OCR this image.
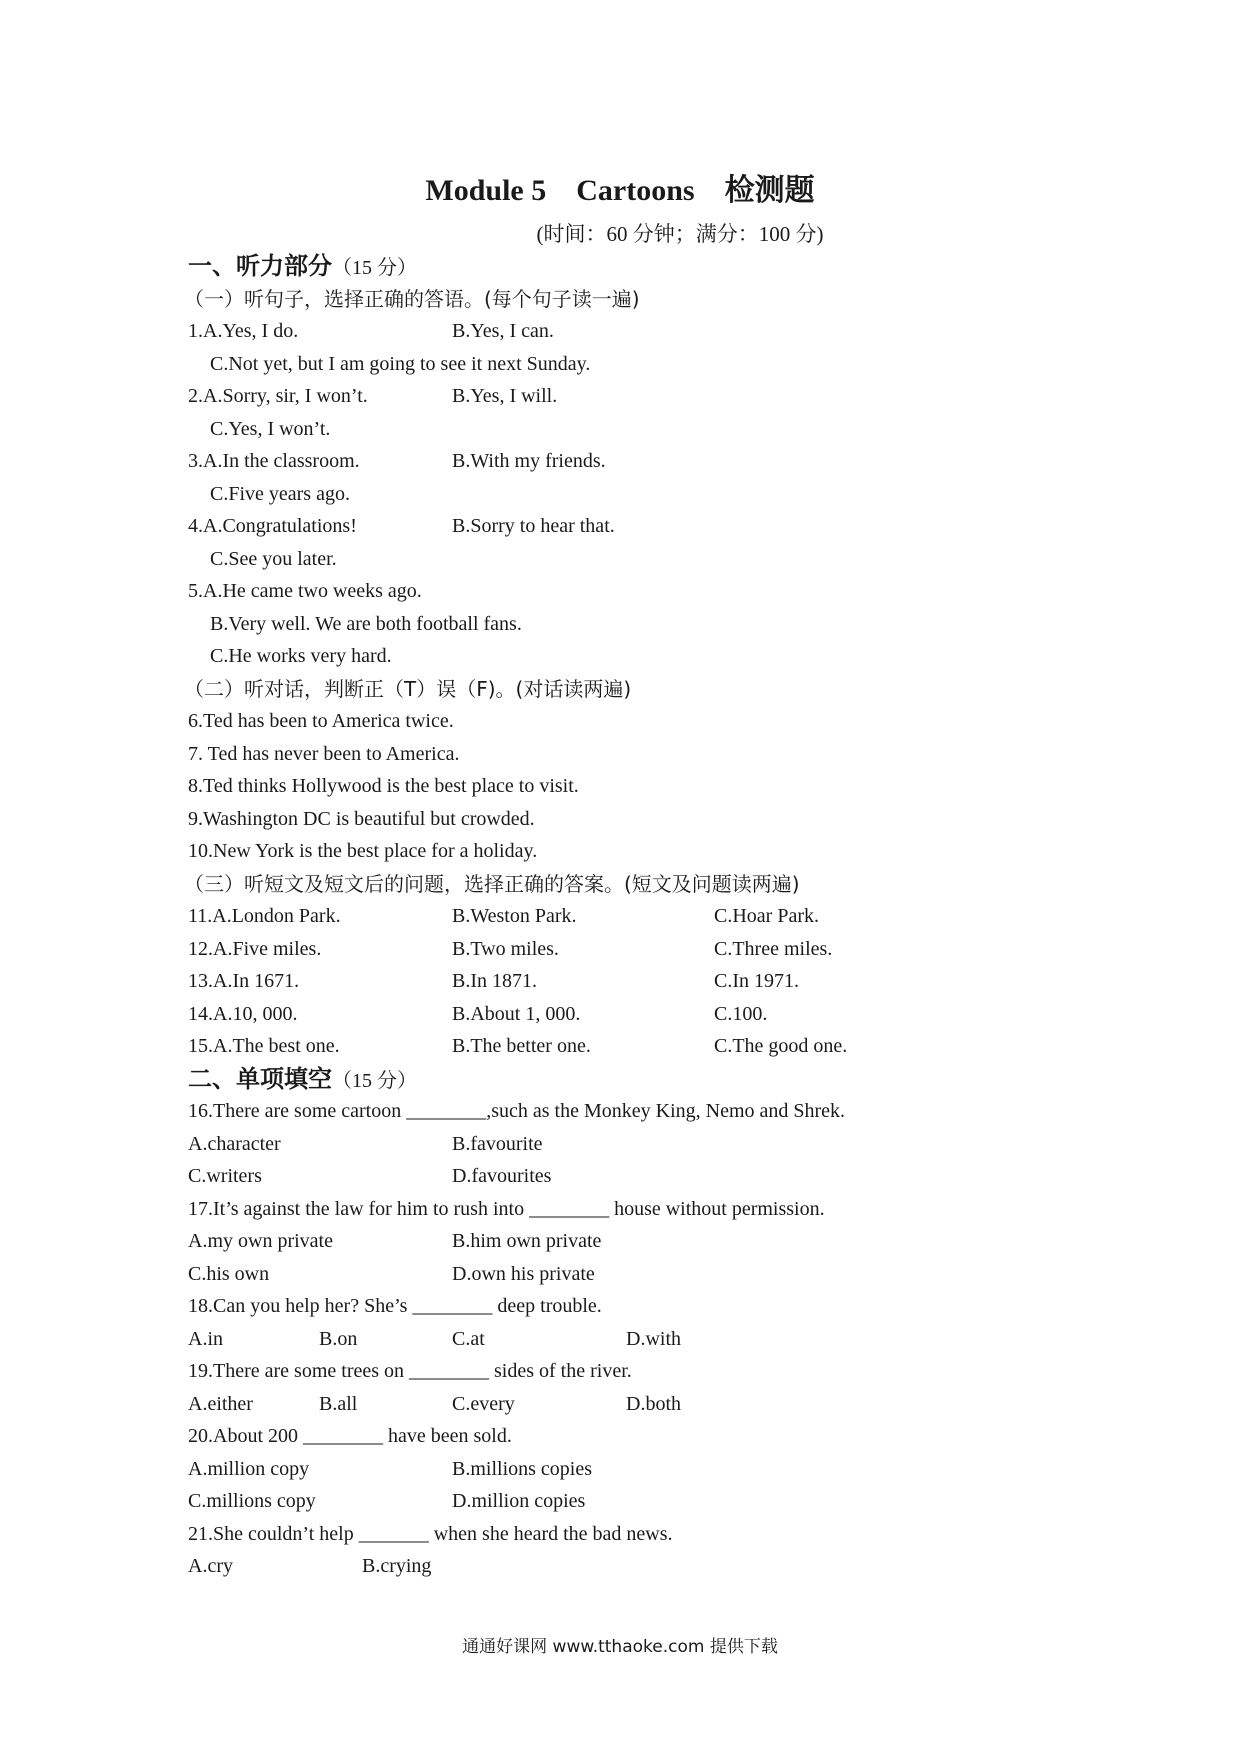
Module 5    Cartoons    检测题
(时间：60 分钟；满分：100 分)
一、听力部分（15 分）
（一）听句子，选择正确的答语。(每个句子读一遍)
1.A.Yes, I do.	B.Yes, I can.
C.Not yet, but I am going to see it next Sunday.
2.A.Sorry, sir, I won’t.	B.Yes, I will.
C.Yes, I won’t.
3.A.In the classroom.	B.With my friends.
C.Five years ago.
4.A.Congratulations!	B.Sorry to hear that.
C.See you later.
5.A.He came two weeks ago.
B.Very well. We are both football fans.
C.He works very hard.
（二）听对话，判断正（T）误（F)。(对话读两遍)
6.Ted has been to America twice.
7. Ted has never been to America.
8.Ted thinks Hollywood is the best place to visit.
9.Washington DC is beautiful but crowded.
10.New York is the best place for a holiday.
（三）听短文及短文后的问题，选择正确的答案。(短文及问题读两遍)
11.A.London Park.	B.Weston Park.	C.Hoar Park.
12.A.Five miles.	B.Two miles.	C.Three miles.
13.A.In 1671.	B.In 1871.	C.In 1971.
14.A.10, 000.	B.About 1, 000.	C.100.
15.A.The best one.	B.The better one.	C.The good one.
二、单项填空（15 分）
16.There are some cartoon ________,such as the Monkey King, Nemo and Shrek.
A.character	B.favourite
C.writers	D.favourites
17.It’s against the law for him to rush into ________ house without permission.
A.my own private	B.him own private
C.his own	D.own his private
18.Can you help her? She’s ________ deep trouble.
A.in	B.on	C.at	D.with
19.There are some trees on ________ sides of the river.
A.either	B.all	C.every	D.both
20.About 200 ________ have been sold.
A.million copy	B.millions copies
C.millions copy	D.million copies
21.She couldn’t help _______ when she heard the bad news.
A.cry	B.crying
通通好课网 www.tthaoke.com 提供下载
